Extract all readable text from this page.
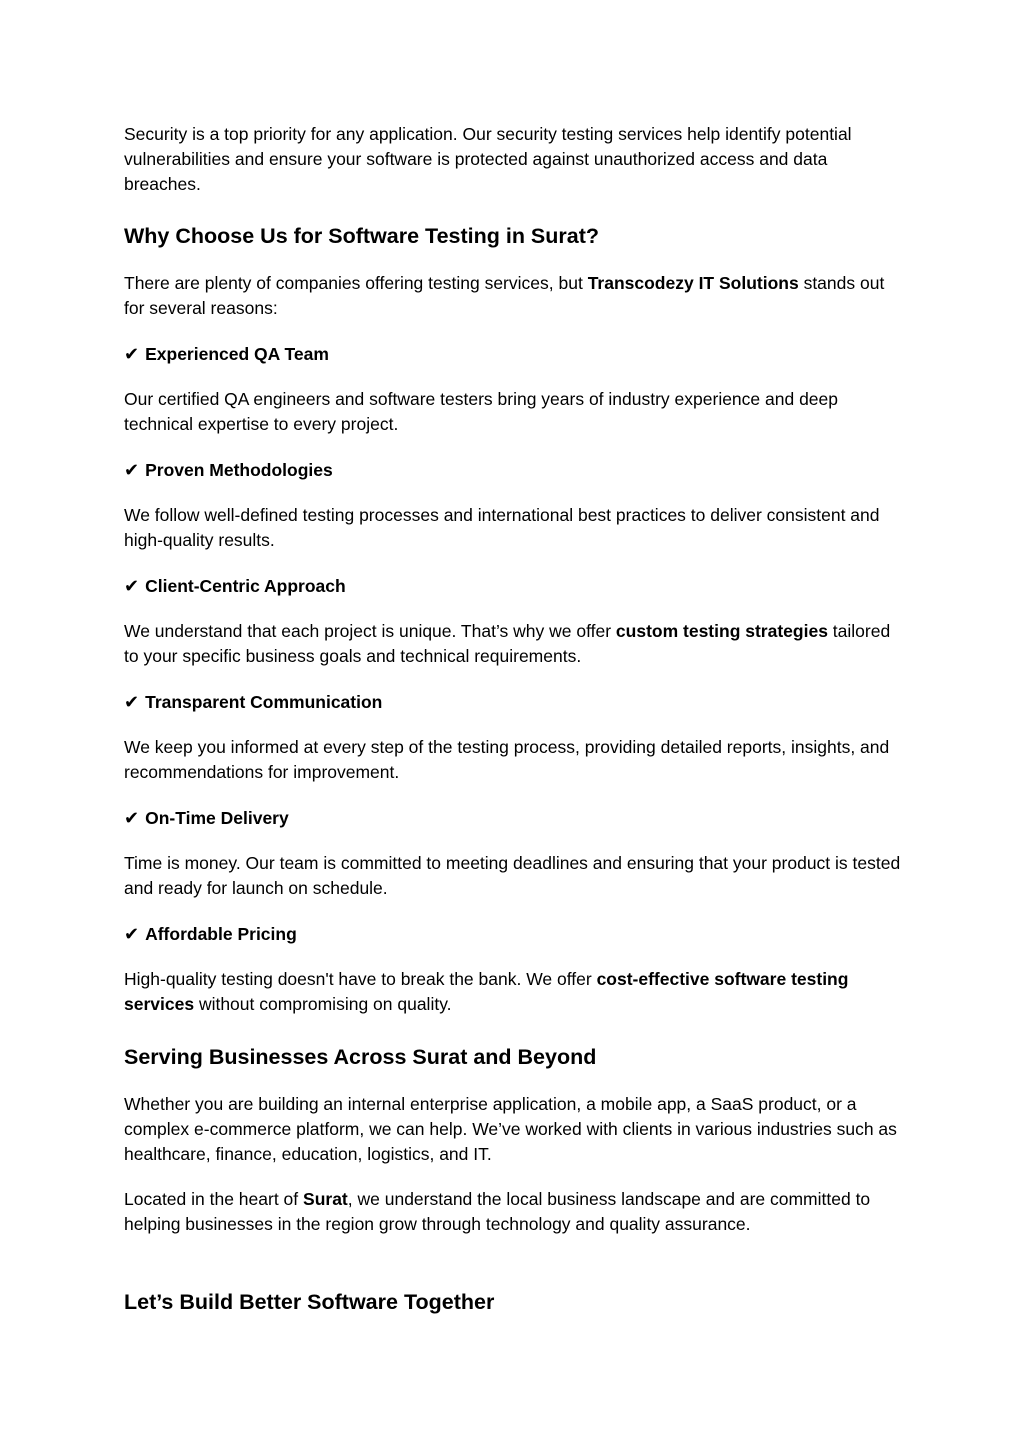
Security is a top priority for any application. Our security testing services help identify potential vulnerabilities and ensure your software is protected against unauthorized access and data breaches.

Why Choose Us for Software Testing in Surat?

There are plenty of companies offering testing services, but Transcodezy IT Solutions stands out for several reasons:

✔ Experienced QA Team

Our certified QA engineers and software testers bring years of industry experience and deep technical expertise to every project.

✔ Proven Methodologies

We follow well-defined testing processes and international best practices to deliver consistent and high-quality results.

✔ Client-Centric Approach

We understand that each project is unique. That’s why we offer custom testing strategies tailored to your specific business goals and technical requirements.

✔ Transparent Communication

We keep you informed at every step of the testing process, providing detailed reports, insights, and recommendations for improvement.

✔ On-Time Delivery

Time is money. Our team is committed to meeting deadlines and ensuring that your product is tested and ready for launch on schedule.

✔ Affordable Pricing

High-quality testing doesn't have to break the bank. We offer cost-effective software testing services without compromising on quality.

Serving Businesses Across Surat and Beyond

Whether you are building an internal enterprise application, a mobile app, a SaaS product, or a complex e-commerce platform, we can help. We’ve worked with clients in various industries such as healthcare, finance, education, logistics, and IT.

Located in the heart of Surat, we understand the local business landscape and are committed to helping businesses in the region grow through technology and quality assurance.

Let’s Build Better Software Together
